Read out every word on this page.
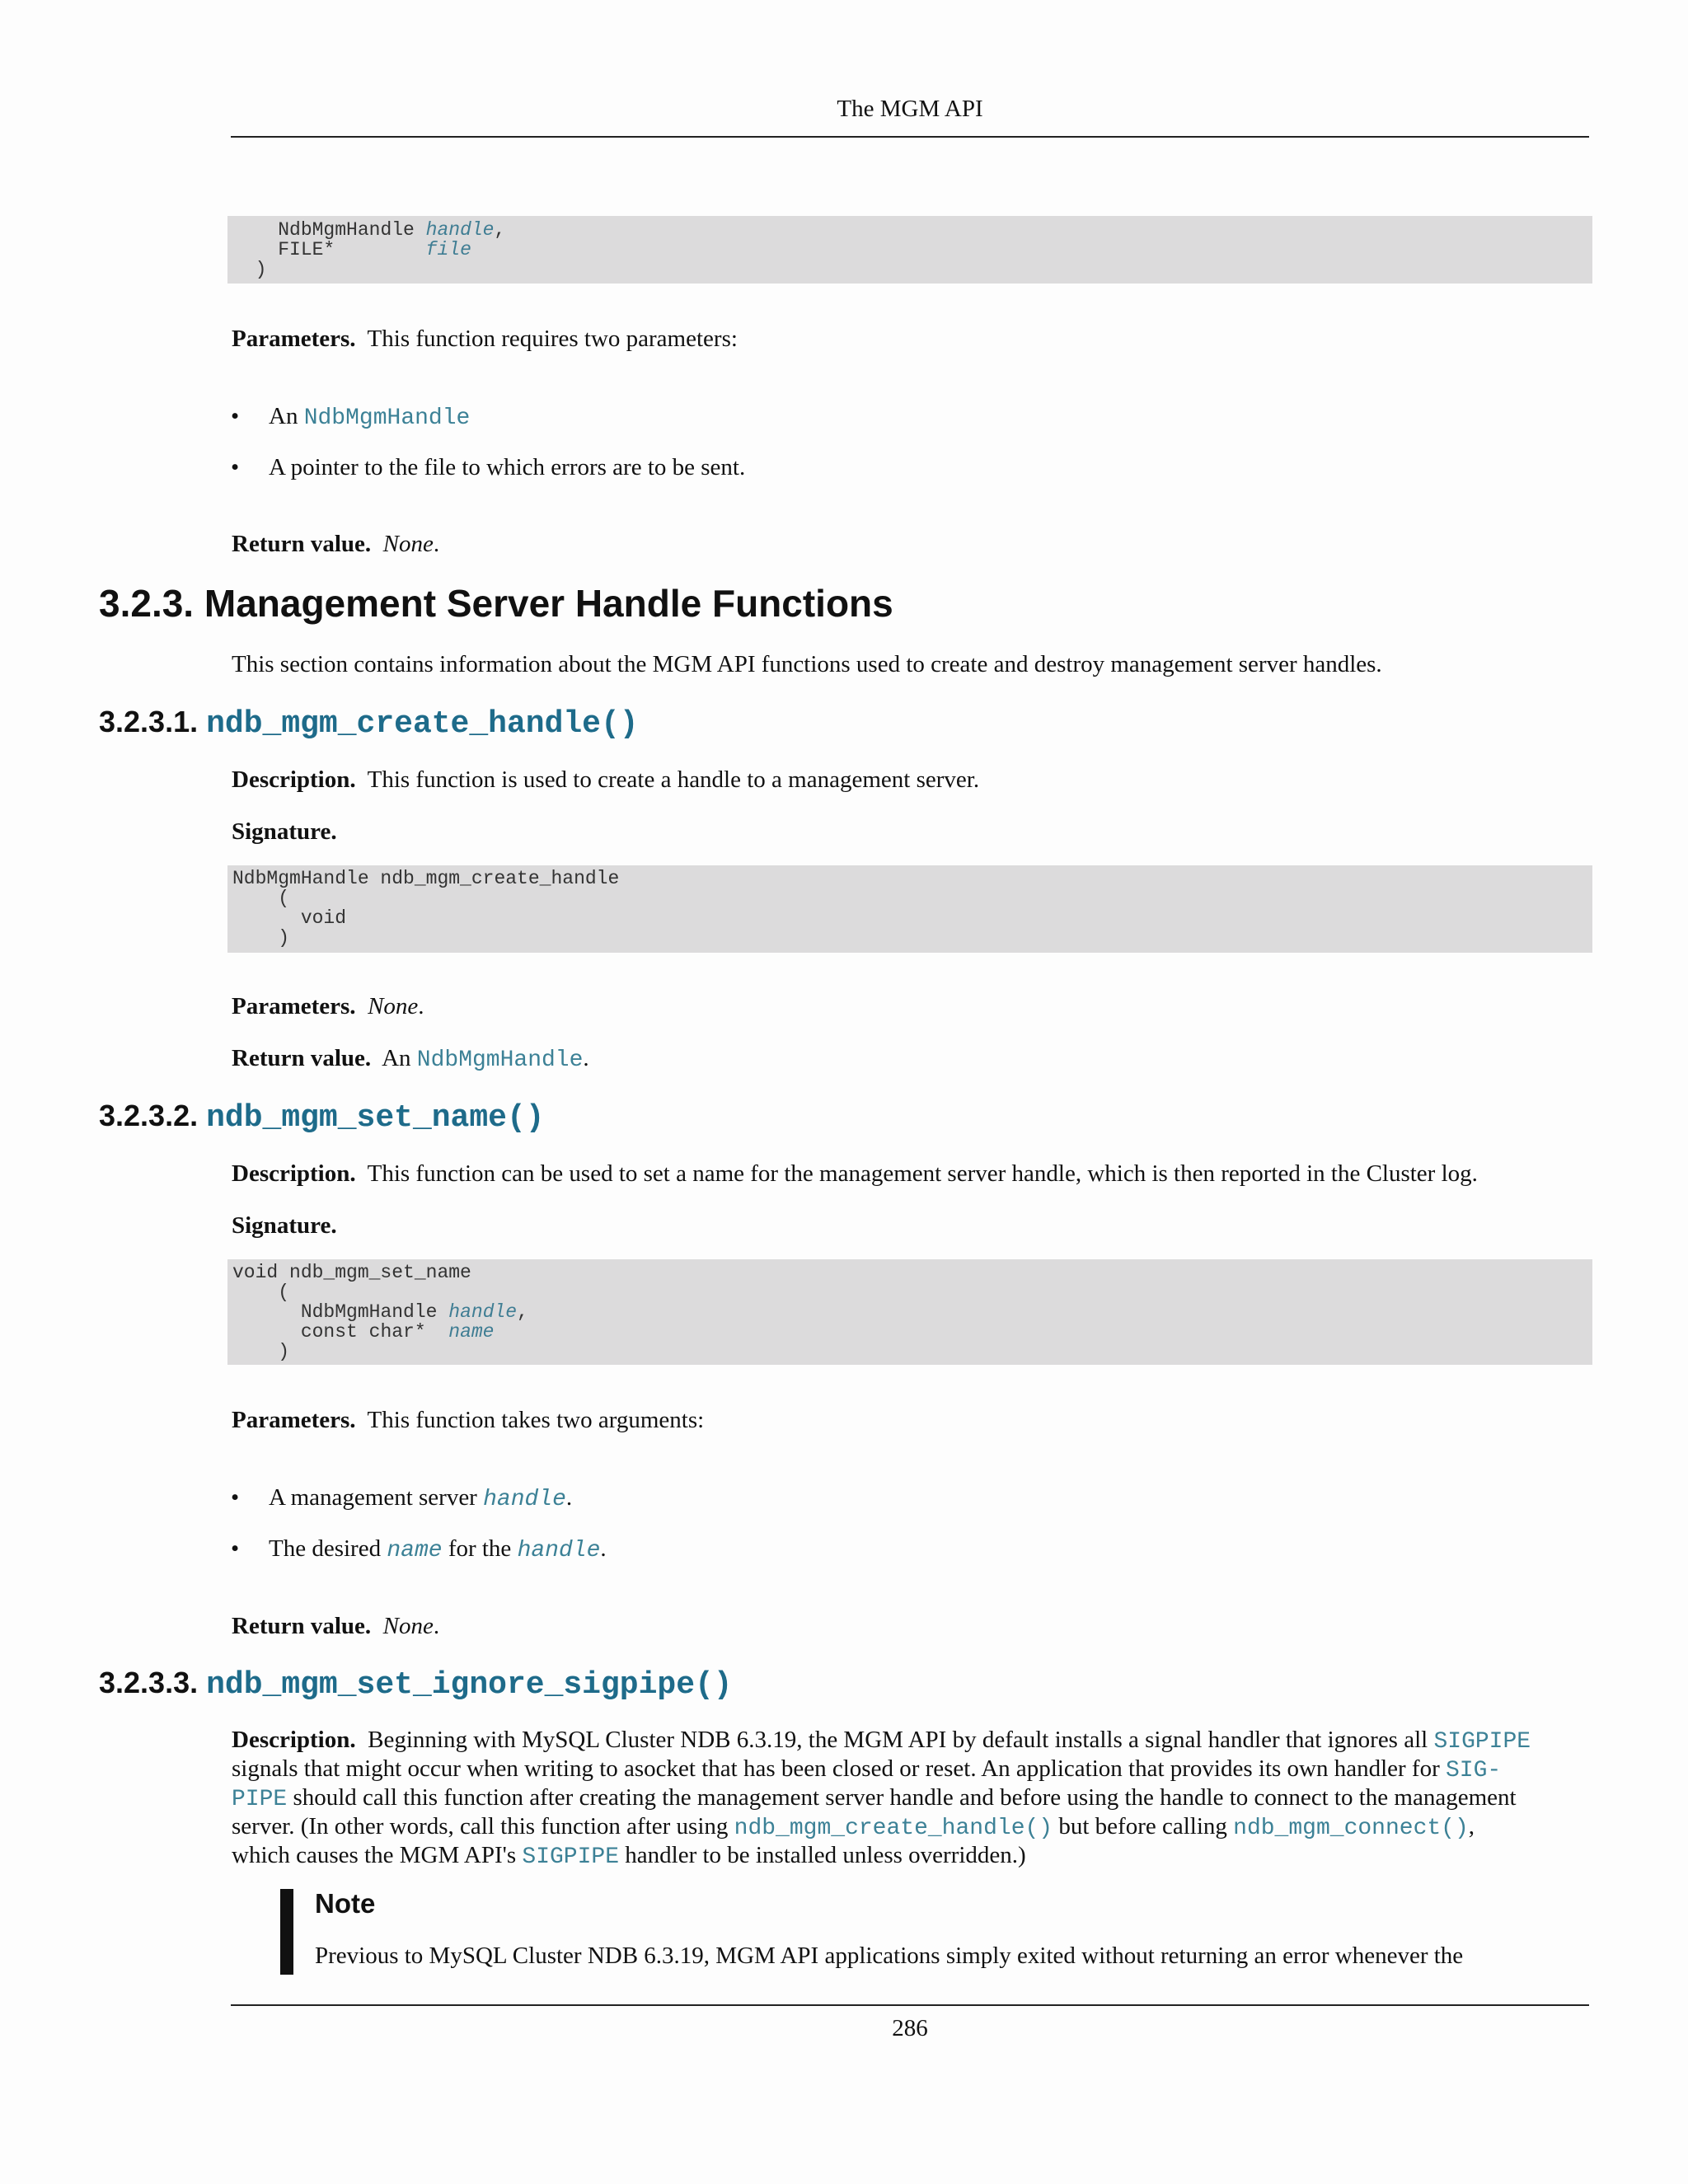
The MGM API
NdbMgmHandle handle,
FILE*	file
)
Parameters. This function requires two parameters:
• An NdbMgmHandle
• A pointer to the file to which errors are to be sent.
Return value. None.
3.2.3. Management Server Handle Functions
This section contains information about the MGM API functions used to create and destroy management server handles.
3.2.3.1. ndb_mgm_create_handle()
Description. This function is used to create a handle to a management server.
Signature.
NdbMgmHandle ndb_mgm_create_handle
(
void
)
Parameters. None.
Return value. An NdbMgmHandle.
3.2.3.2. ndb_mgm_set_name()
Description. This function can be used to set a name for the management server handle, which is then reported in the Cluster log.
Signature.
void ndb_mgm_set_name
(
NdbMgmHandle handle,
const char* name
)
Parameters. This function takes two arguments:
• A management server handle.
• The desired name for the handle.
Return value. None.
3.2.3.3. ndb_mgm_set_ignore_sigpipe()
Description. Beginning with MySQL Cluster NDB 6.3.19, the MGM API by default installs a signal handler that ignores all SIGPIPE
signals that might occur when writing to asocket that has been closed or reset. An application that provides its own handler for SIG-
PIPE should call this function after creating the management server handle and before using the handle to connect to the management
server. (In other words, call this function after using ndb_mgm_create_handle() but before calling ndb_mgm_connect(),
which causes the MGM API's SIGPIPE handler to be installed unless overridden.)
Note
Previous to MySQL Cluster NDB 6.3.19, MGM API applications simply exited without returning an error whenever the
286
